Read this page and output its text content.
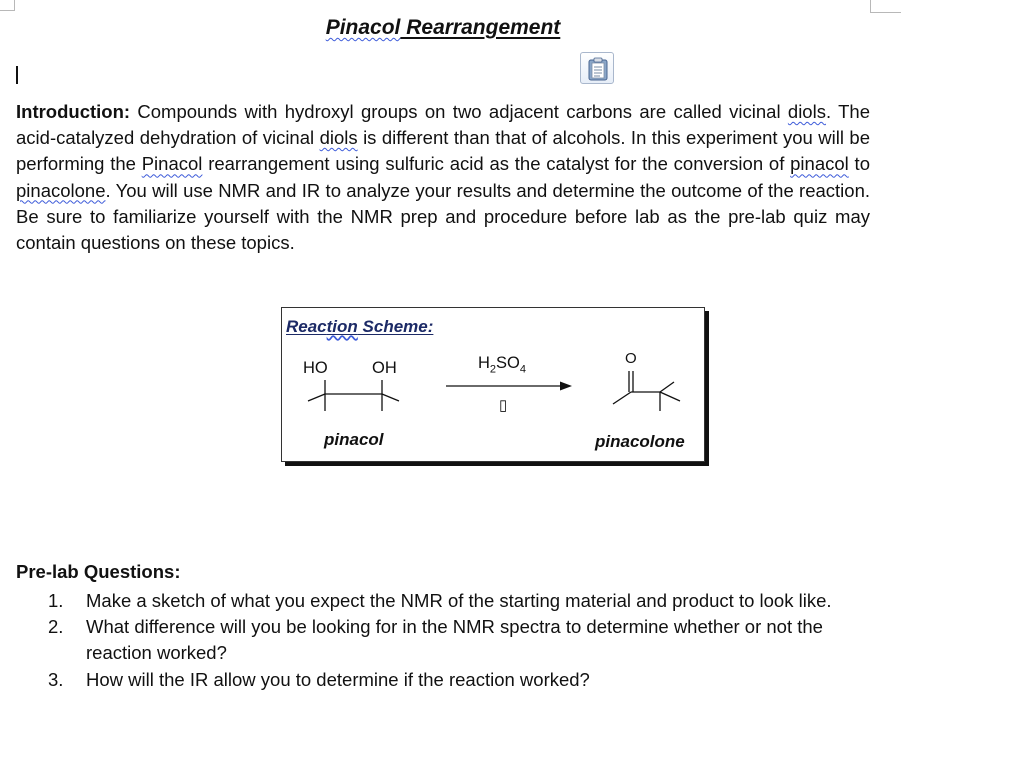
Pinacol Rearrangement

Introduction: Compounds with hydroxyl groups on two adjacent carbons are called vicinal diols. The acid-catalyzed dehydration of vicinal diols is different than that of alcohols. In this experiment you will be performing the Pinacol rearrangement using sulfuric acid as the catalyst for the conversion of pinacol to pinacolone. You will use NMR and IR to analyze your results and determine the outcome of the reaction. Be sure to familiarize yourself with the NMR prep and procedure before lab as the pre-lab quiz may contain questions on these topics.

Reaction Scheme:
HO	OH	$H_2SO_4$
▯
O
pinacol	pinacolone
Pre-lab Questions:
1. Make a sketch of what you expect the NMR of the starting material and product to look like.
2. What difference will you be looking for in the NMR spectra to determine whether or not the reaction worked?
3. How will the IR allow you to determine if the reaction worked?
